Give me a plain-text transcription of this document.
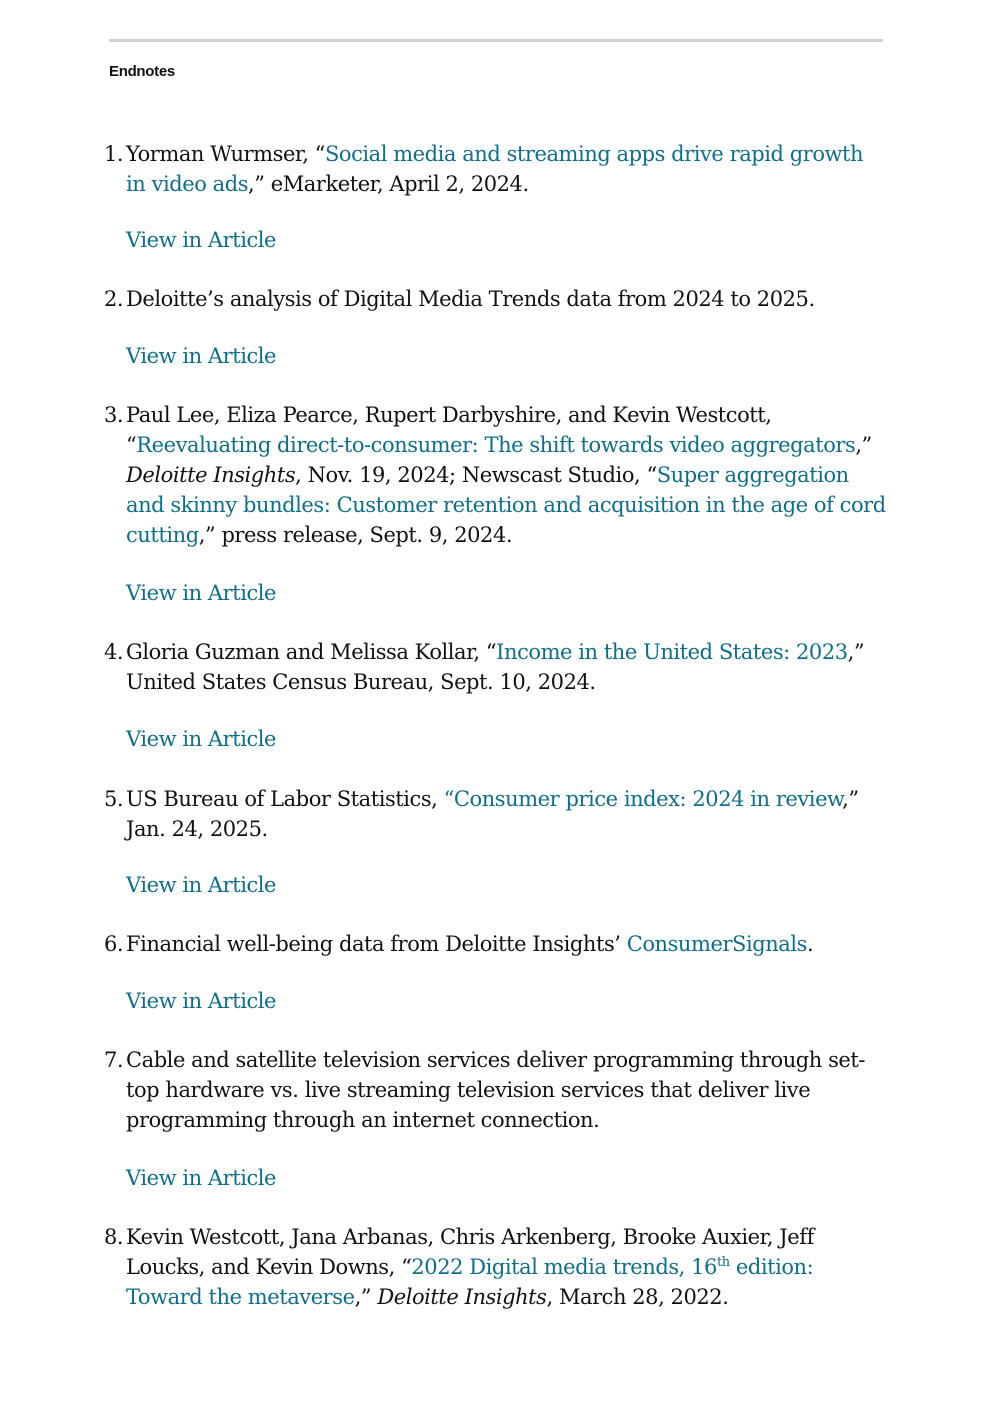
Endnotes
1. Yorman Wurmser, “Social media and streaming apps drive rapid growth in video ads,” eMarketer, April 2, 2024.
View in Article
2. Deloitte’s analysis of Digital Media Trends data from 2024 to 2025.
View in Article
3. Paul Lee, Eliza Pearce, Rupert Darbyshire, and Kevin Westcott, “Reevaluating direct-to-consumer: The shift towards video aggregators,” Deloitte Insights, Nov. 19, 2024; Newscast Studio, “Super aggregation and skinny bundles: Customer retention and acquisition in the age of cord cutting,” press release, Sept. 9, 2024.
View in Article
4. Gloria Guzman and Melissa Kollar, “Income in the United States: 2023,” United States Census Bureau, Sept. 10, 2024.
View in Article
5. US Bureau of Labor Statistics, “Consumer price index: 2024 in review,” Jan. 24, 2025.
View in Article
6. Financial well-being data from Deloitte Insights’ ConsumerSignals.
View in Article
7. Cable and satellite television services deliver programming through set-top hardware vs. live streaming television services that deliver live programming through an internet connection.
View in Article
8. Kevin Westcott, Jana Arbanas, Chris Arkenberg, Brooke Auxier, Jeff Loucks, and Kevin Downs, “2022 Digital media trends, 16th edition: Toward the metaverse,” Deloitte Insights, March 28, 2022.
